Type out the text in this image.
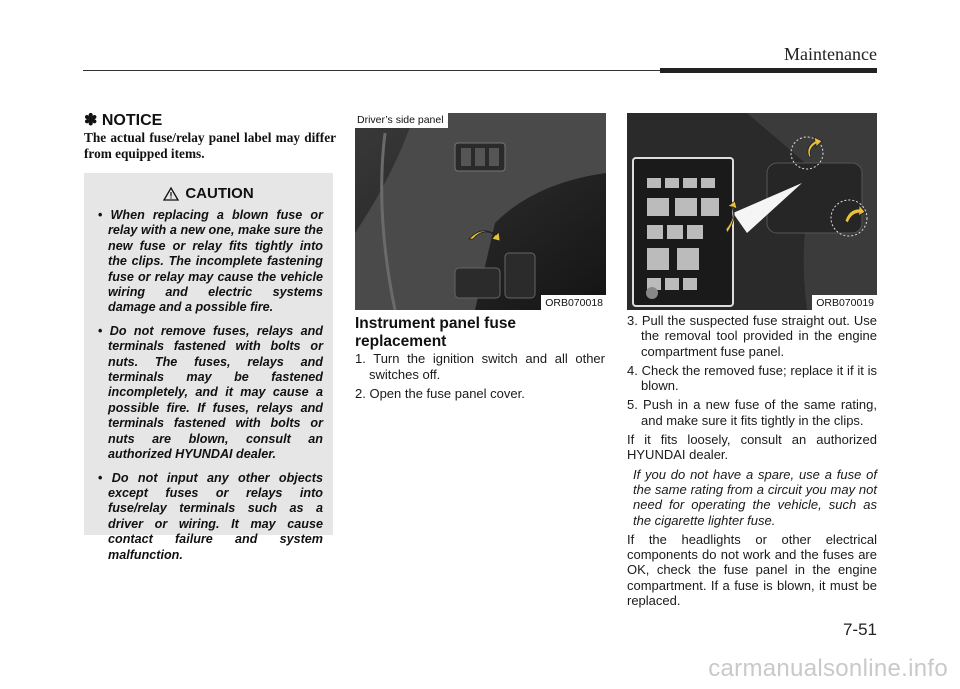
Maintenance
✽ NOTICE
The actual fuse/relay panel label may differ from equipped items.
CAUTION
• When replacing a blown fuse or relay with a new one, make sure the new fuse or relay fits tightly into the clips. The incomplete fastening fuse or relay may cause the vehicle wiring and electric systems damage and a possible fire.
• Do not remove fuses, relays and terminals fastened with bolts or nuts. The fuses, relays and terminals may be fastened incompletely, and it may cause a possible fire. If fuses, relays and terminals fastened with bolts or nuts are blown, consult an authorized HYUNDAI dealer.
• Do not input any other objects except fuses or relays into fuse/relay terminals such as a driver or wiring. It may cause contact failure and system malfunction.
Driver’s side panel
ORB070018	ORB070019
Instrument panel fuse replacement
1. Turn the ignition switch and all other switches off.
2. Open the fuse panel cover.
3. Pull the suspected fuse straight out. Use the removal tool provided in the engine compartment fuse panel.
4. Check the removed fuse; replace it if it is blown.
5. Push in a new fuse of the same rating, and make sure it fits tightly in the clips.

If it fits loosely, consult an authorized HYUNDAI dealer.

If you do not have a spare, use a fuse of the same rating from a circuit you may not need for operating the vehicle, such as the cigarette lighter fuse.

If the headlights or other electrical components do not work and the fuses are OK, check the fuse panel in the engine compartment. If a fuse is blown, it must be replaced.

7-51
carmanualsonline.info
